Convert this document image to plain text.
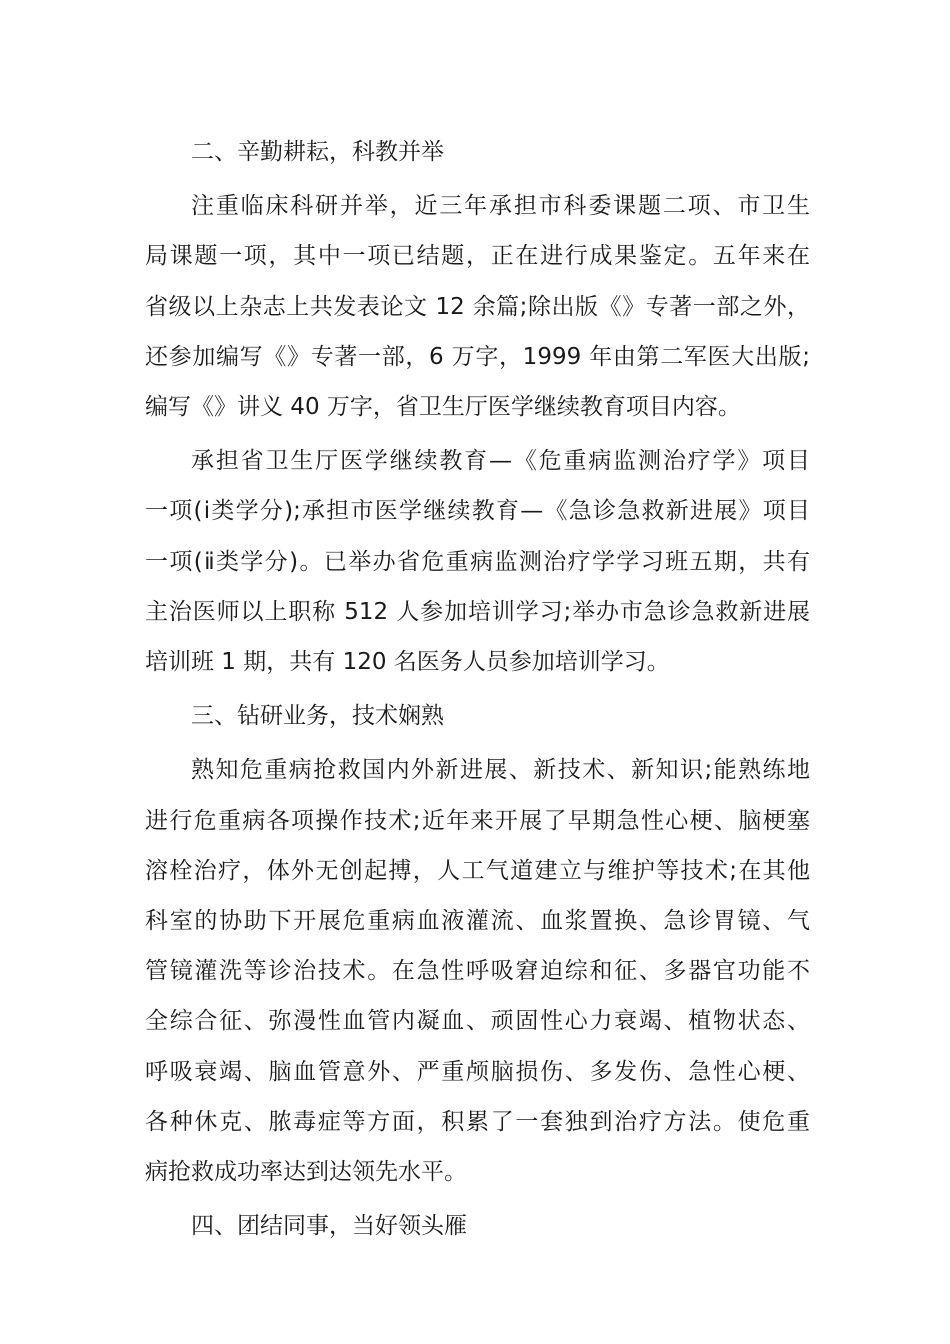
二、辛勤耕耘，科教并举
注重临床科研并举，近三年承担市科委课题二项、市卫生
局课题一项，其中一项已结题，正在进行成果鉴定。五年来在
省级以上杂志上共发表论文 12 余篇;除出版《》专著一部之外，
还参加编写《》专著一部，6 万字，1999 年由第二军医大出版;
编写《》讲义 40 万字，省卫生厅医学继续教育项目内容。
承担省卫生厅医学继续教育—《危重病监测治疗学》项目
一项(ⅰ类学分);承担市医学继续教育—《急诊急救新进展》项目
一项(ⅱ类学分)。已举办省危重病监测治疗学学习班五期，共有
主治医师以上职称 512 人参加培训学习;举办市急诊急救新进展
培训班 1 期，共有 120 名医务人员参加培训学习。
三、钻研业务，技术娴熟
熟知危重病抢救国内外新进展、新技术、新知识;能熟练地
进行危重病各项操作技术;近年来开展了早期急性心梗、脑梗塞
溶栓治疗，体外无创起搏，人工气道建立与维护等技术;在其他
科室的协助下开展危重病血液灌流、血浆置换、急诊胃镜、气
管镜灌洗等诊治技术。在急性呼吸窘迫综和征、多器官功能不
全综合征、弥漫性血管内凝血、顽固性心力衰竭、植物状态、
呼吸衰竭、脑血管意外、严重颅脑损伤、多发伤、急性心梗、
各种休克、脓毒症等方面，积累了一套独到治疗方法。使危重
病抢救成功率达到达领先水平。
四、团结同事，当好领头雁
